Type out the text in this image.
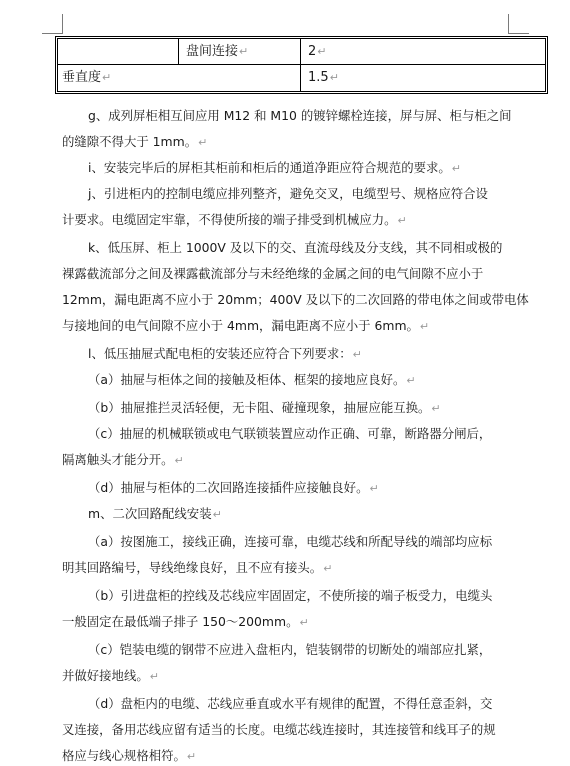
盘间连接↵	2↵
垂直度↵	1.5↵
g、成列屏柜相互间应用 M12 和 M10 的镀锌螺栓连接，屏与屏、柜与柜之间
的缝隙不得大于 1mm。↵
i、安装完毕后的屏柜其柜前和柜后的通道净距应符合规范的要求。↵
j、引进柜内的控制电缆应排列整齐，避免交叉，电缆型号、规格应符合设
计要求。电缆固定牢靠，不得使所接的端子排受到机械应力。↵
k、低压屏、柜上 1000V 及以下的交、直流母线及分支线，其不同相或极的
裸露截流部分之间及裸露截流部分与未经绝缘的金属之间的电气间隙不应小于
12mm，漏电距离不应小于 20mm；400V 及以下的二次回路的带电体之间或带电体
与接地间的电气间隙不应小于 4mm，漏电距离不应小于 6mm。↵
l、低压抽屉式配电柜的安装还应符合下列要求：↵
（a）抽屉与柜体之间的接触及柜体、框架的接地应良好。↵
（b）抽屉推拦灵活轻便，无卡阻、碰撞现象，抽屉应能互换。↵
（c）抽屉的机械联锁或电气联锁装置应动作正确、可靠，断路器分闸后，
隔离触头才能分开。↵
（d）抽屉与柜体的二次回路连接插件应接触良好。↵
m、二次回路配线安装↵
（a）按图施工，接线正确，连接可靠，电缆芯线和所配导线的端部均应标
明其回路编号，导线绝缘良好，且不应有接头。↵
（b）引进盘柜的控线及芯线应牢固固定，不使所接的端子板受力，电缆头
一般固定在最低端子排子 150～200mm。↵
（c）铠装电缆的钢带不应进入盘柜内，铠装钢带的切断处的端部应扎紧，
并做好接地线。↵
（d）盘柜内的电缆、芯线应垂直或水平有规律的配置，不得任意歪斜，交
叉连接，备用芯线应留有适当的长度。电缆芯线连接时，其连接管和线耳子的规
格应与线心规格相符。↵
